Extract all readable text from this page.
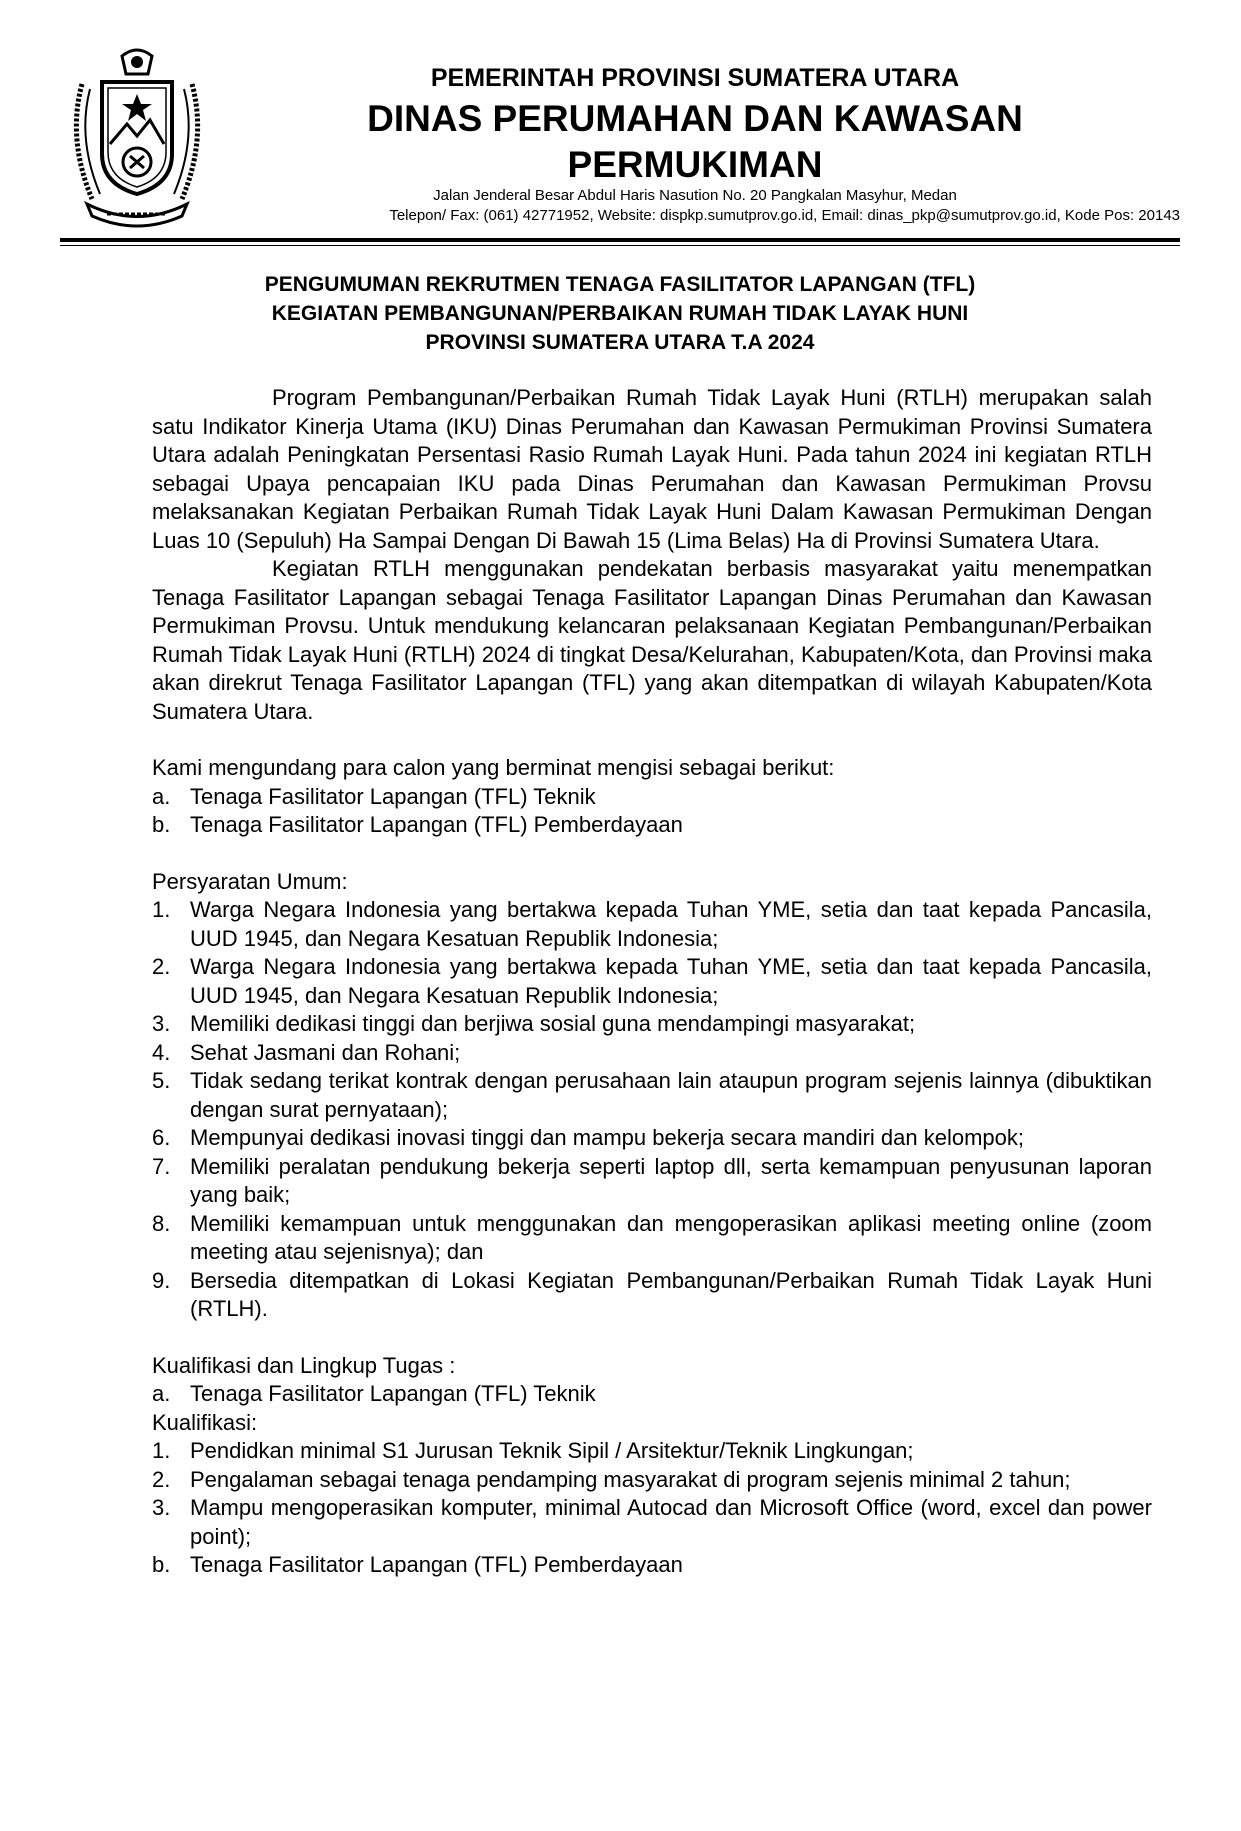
PEMERINTAH PROVINSI SUMATERA UTARA
DINAS PERUMAHAN DAN KAWASAN
PERMUKIMAN
Jalan Jenderal Besar Abdul Haris Nasution No. 20 Pangkalan Masyhur, Medan
Telepon/ Fax: (061) 42771952, Website: dispkp.sumutprov.go.id, Email: dinas_pkp@sumutprov.go.id, Kode Pos: 20143
PENGUMUMAN REKRUTMEN TENAGA FASILITATOR LAPANGAN (TFL)
KEGIATAN PEMBANGUNAN/PERBAIKAN RUMAH TIDAK LAYAK HUNI
PROVINSI SUMATERA UTARA T.A 2024

Program Pembangunan/Perbaikan Rumah Tidak Layak Huni (RTLH) merupakan salah satu Indikator Kinerja Utama (IKU) Dinas Perumahan dan Kawasan Permukiman Provinsi Sumatera Utara adalah Peningkatan Persentasi Rasio Rumah Layak Huni. Pada tahun 2024 ini kegiatan RTLH sebagai Upaya pencapaian IKU pada Dinas Perumahan dan Kawasan Permukiman Provsu melaksanakan Kegiatan Perbaikan Rumah Tidak Layak Huni Dalam Kawasan Permukiman Dengan Luas 10 (Sepuluh) Ha Sampai Dengan Di Bawah 15 (Lima Belas) Ha di Provinsi Sumatera Utara.

Kegiatan RTLH menggunakan pendekatan berbasis masyarakat yaitu menempatkan Tenaga Fasilitator Lapangan sebagai Tenaga Fasilitator Lapangan Dinas Perumahan dan Kawasan Permukiman Provsu. Untuk mendukung kelancaran pelaksanaan Kegiatan Pembangunan/Perbaikan Rumah Tidak Layak Huni (RTLH) 2024 di tingkat Desa/Kelurahan, Kabupaten/Kota, dan Provinsi maka akan direkrut Tenaga Fasilitator Lapangan (TFL) yang akan ditempatkan di wilayah Kabupaten/Kota Sumatera Utara.

Kami mengundang para calon yang berminat mengisi sebagai berikut:

a. Tenaga Fasilitator Lapangan (TFL) Teknik
b. Tenaga Fasilitator Lapangan (TFL) Pemberdayaan

Persyaratan Umum:

1. Warga Negara Indonesia yang bertakwa kepada Tuhan YME, setia dan taat kepada Pancasila, UUD 1945, dan Negara Kesatuan Republik Indonesia;
2. Warga Negara Indonesia yang bertakwa kepada Tuhan YME, setia dan taat kepada Pancasila, UUD 1945, dan Negara Kesatuan Republik Indonesia;
3. Memiliki dedikasi tinggi dan berjiwa sosial guna mendampingi masyarakat;
4. Sehat Jasmani dan Rohani;
5. Tidak sedang terikat kontrak dengan perusahaan lain ataupun program sejenis lainnya (dibuktikan dengan surat pernyataan);
6. Mempunyai dedikasi inovasi tinggi dan mampu bekerja secara mandiri dan kelompok;
7. Memiliki peralatan pendukung bekerja seperti laptop dll, serta kemampuan penyusunan laporan yang baik;
8. Memiliki kemampuan untuk menggunakan dan mengoperasikan aplikasi meeting online (zoom meeting atau sejenisnya); dan
9. Bersedia ditempatkan di Lokasi Kegiatan Pembangunan/Perbaikan Rumah Tidak Layak Huni (RTLH).

Kualifikasi dan Lingkup Tugas :

a. Tenaga Fasilitator Lapangan (TFL) Teknik

Kualifikasi:

1. Pendidkan minimal S1 Jurusan Teknik Sipil / Arsitektur/Teknik Lingkungan;
2. Pengalaman sebagai tenaga pendamping masyarakat di program sejenis minimal 2 tahun;
3. Mampu mengoperasikan komputer, minimal Autocad dan Microsoft Office (word, excel dan power point);
b. Tenaga Fasilitator Lapangan (TFL) Pemberdayaan
